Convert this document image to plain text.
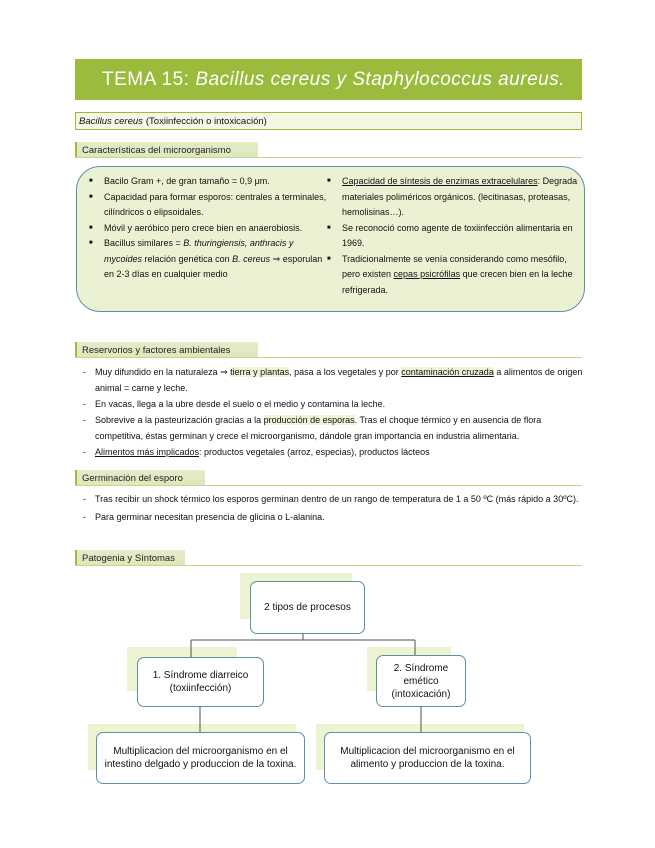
TEMA 15: Bacillus cereus y Staphylococcus aureus.
Bacillus cereus (Toxiinfección o intoxicación)
Características del microorganismo
■	Bacilo Gram +, de gran tamaño = 0,9 μm.
■	Capacidad para formar esporos: centrales a terminales, cilíndricos o elipsoidales.
■	Móvil y aeróbico pero crece bien en anaerobiosis.
■	Bacillus similares = B. thuringiensis, anthracis y mycoides relación genética con B. cereus ⇒ esporulan en 2-3 días en cualquier medio
■	Capacidad de síntesis de enzimas extracelulares: Degrada materiales poliméricos orgánicos. (lecitinasas, proteasas, hemolisinas…).
■	Se reconoció como agente de toxiinfección alimentaria en 1969.
■	Tradicionalmente se venía considerando como mesófilo, pero existen cepas psicrófilas que crecen bien en la leche refrigerada.
Reservorios y factores ambientales
-	Muy difundido en la naturaleza ⇒ tierra y plantas, pasa a los vegetales y por contaminación cruzada a alimentos de origen animal = carne y leche.
-	En vacas, llega a la ubre desde el suelo o el medio y contamina la leche.
-	Sobrevive a la pasteurización gracias a la producción de esporas. Tras el choque térmico y en ausencia de flora competitiva, éstas germinan y crece el microorganismo, dándole gran importancia en industria alimentaria.
-	Alimentos más implicados: productos vegetales (arroz, especias), productos lácteos
Germinación del esporo
-	Tras recibir un shock térmico los esporos germinan dentro de un rango de temperatura de 1 a 50 ºC (más rápido a 30ºC).
-	Para germinar necesitan presencia de glicina o L-alanina.
Patogenia y Síntomas
2 tipos de procesos
1. Síndrome diarreico
(toxiinfección)
2. Síndrome
emético
(intoxicación)
Multiplicacion del microorganismo en el intestino delgado y produccion de la toxina.
Multiplicacion del microorganismo en el alimento y produccion de la toxina.
